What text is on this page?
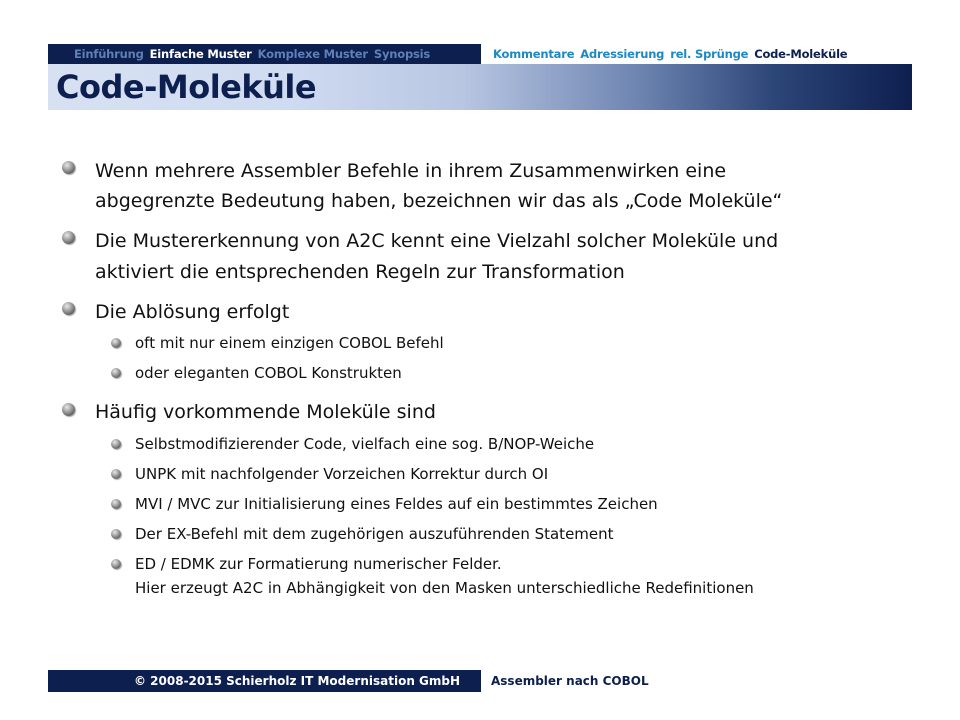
Einführung Einfache Muster Komplexe Muster Synopsis	Kommentare Adressierung rel. Sprünge Code-Moleküle
Code-Moleküle
Wenn mehrere Assembler Befehle in ihrem Zusammenwirken eine
abgegrenzte Bedeutung haben, bezeichnen wir das als „Code Moleküle“
Die Mustererkennung von A2C kennt eine Vielzahl solcher Moleküle und
aktiviert die entsprechenden Regeln zur Transformation
Die Ablösung erfolgt
oft mit nur einem einzigen COBOL Befehl
oder eleganten COBOL Konstrukten
Häufig vorkommende Moleküle sind
Selbstmodifizierender Code, vielfach eine sog. B/NOP-Weiche
UNPK mit nachfolgender Vorzeichen Korrektur durch OI
MVI / MVC zur Initialisierung eines Feldes auf ein bestimmtes Zeichen
Der EX-Befehl mit dem zugehörigen auszuführenden Statement
ED / EDMK zur Formatierung numerischer Felder.
Hier erzeugt A2C in Abhängigkeit von den Masken unterschiedliche Redefinitionen
© 2008-2015 Schierholz IT Modernisation GmbH	Assembler nach COBOL
